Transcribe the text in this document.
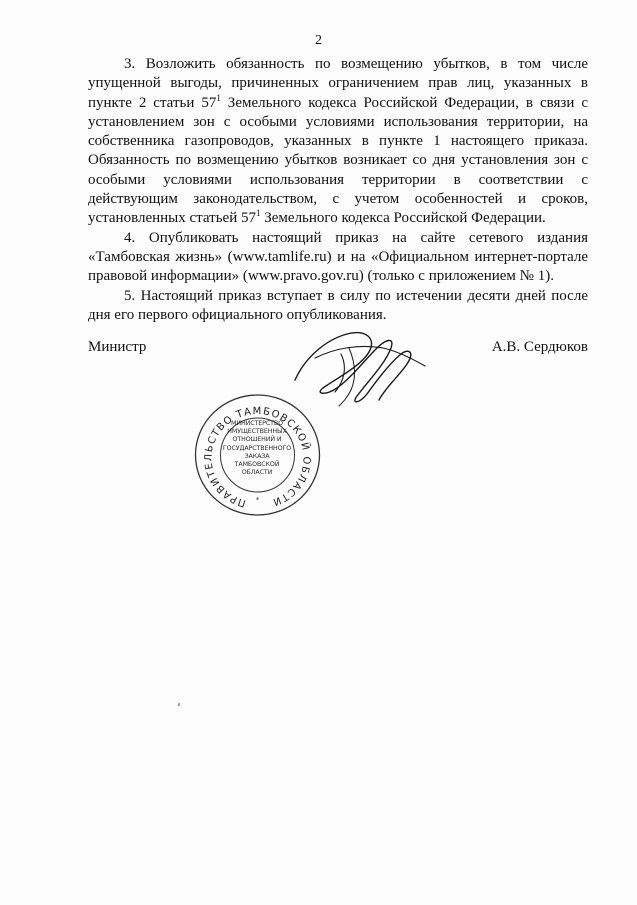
2

3. Возложить обязанность по возмещению убытков, в том числе упущенной выгоды, причиненных ограничением прав лиц, указанных в пункте 2 статьи $57^1$ Земельного кодекса Российской Федерации, в связи с установлением зон с особыми условиями использования территории, на собственника газопроводов, указанных в пункте 1 настоящего приказа. Обязанность по возмещению убытков возникает со дня установления зон с особыми условиями использования территории в соответствии с действующим законодательством, с учетом особенностей и сроков, установленных статьей $57^1$ Земельного кодекса Российской Федерации.

4. Опубликовать настоящий приказ на сайте сетевого издания «Тамбовская жизнь» (www.tamlife.ru) и на «Официальном интернет-портале правовой информации» (www.pravo.gov.ru) (только с приложением № 1).

5. Настоящий приказ вступает в силу по истечении десяти дней после дня его первого официального опубликования.

Министр	А.В. Сердюков
ПРАВИТЕЛЬСТВО ТАМБОВСКОЙ ОБЛАСТИ
*
МИНИСТЕРСТВО
ИМУЩЕСТВЕННЫХ
ОТНОШЕНИЙ И
ГОСУДАРСТВЕННОГО
ЗАКАЗА
ТАМБОВСКОЙ
ОБЛАСТИ
